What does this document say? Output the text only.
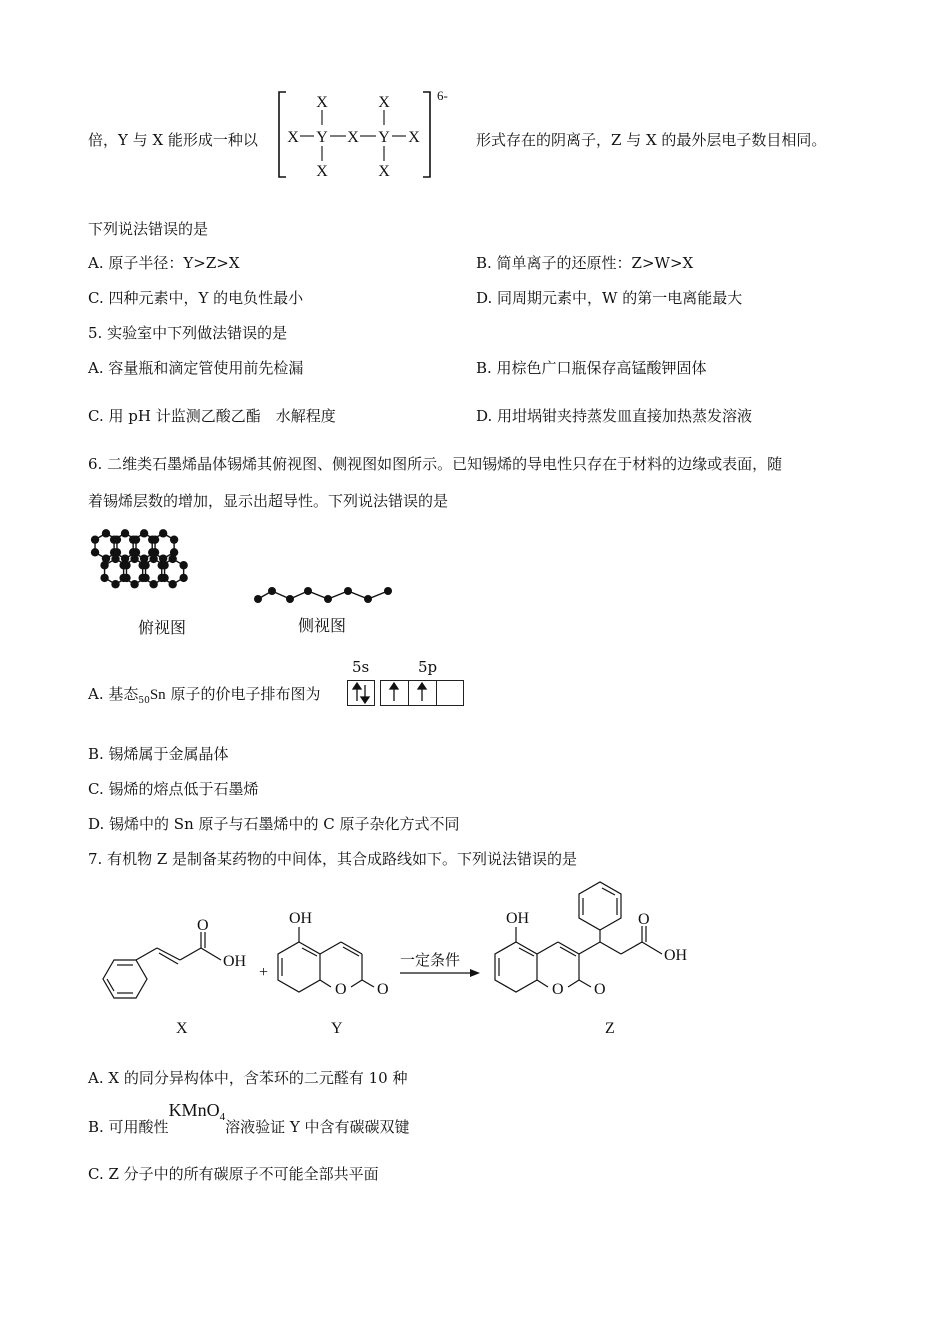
倍，Y 与 X 能形成一种以
X	X
X Y X Y X
X	X
6-
形式存在的阴离子，Z 与 X 的最外层电子数目相同。
下列说法错误的是
A. 原子半径：Y>Z>X	B. 简单离子的还原性：Z>W>X
C. 四种元素中，Y 的电负性最小	D. 同周期元素中，W 的第一电离能最大
5. 实验室中下列做法错误的是
A. 容量瓶和滴定管使用前先检漏	B. 用棕色广口瓶保存高锰酸钾固体
C. 用 pH 计监测乙酸乙酯　水解程度	D. 用坩埚钳夹持蒸发皿直接加热蒸发溶液
6. 二维类石墨烯晶体锡烯其俯视图、侧视图如图所示。已知锡烯的导电性只存在于材料的边缘或表面，随
着锡烯层数的增加，显示出超导性。下列说法错误的是
俯视图	侧视图
A. 基态$_{50}$Sn 原子的价电子排布图为
5s	5p
B. 锡烯属于金属晶体
C. 锡烯的熔点低于石墨烯
D. 锡烯中的 Sn 原子与石墨烯中的 C 原子杂化方式不同
7. 有机物 Z 是制备某药物的中间体，其合成路线如下。下列说法错误的是
O
OH
OH
O O
OH
O O
O
OH
+
X	Y	Z
一定条件
A. X 的同分异构体中，含苯环的二元醛有 10 种
B. 可用酸性KMnO$_4$溶液验证 Y 中含有碳碳双键
C. Z 分子中的所有碳原子不可能全部共平面
